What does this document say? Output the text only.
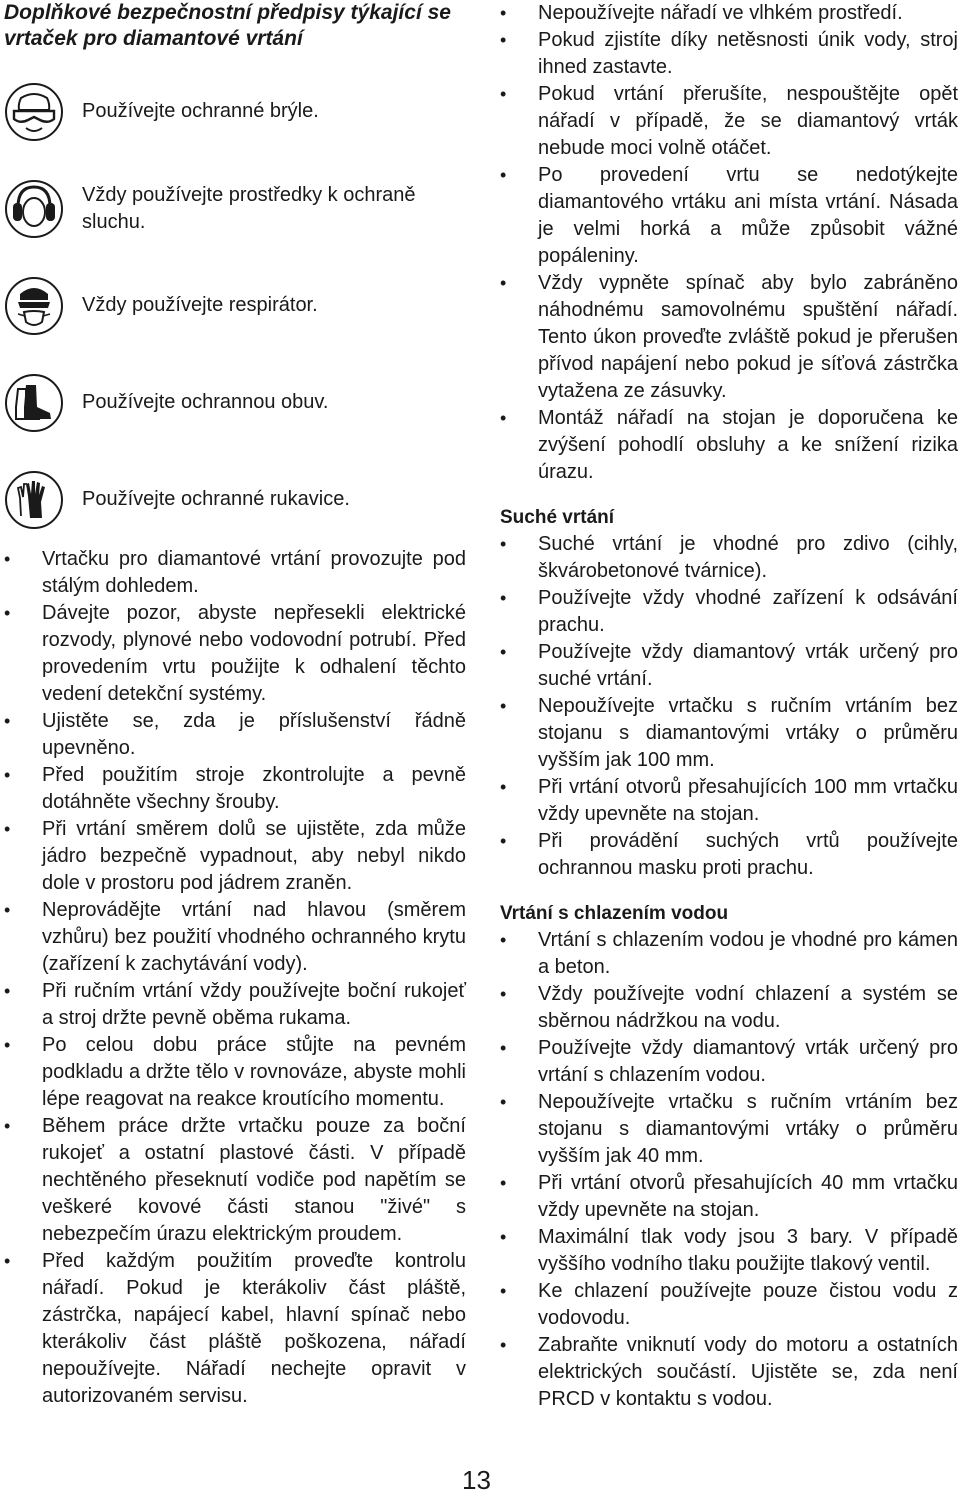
Doplňkové bezpečnostní předpisy týkající se vrtaček pro diamantové vrtání
Používejte ochranné brýle.
Vždy používejte prostředky k ochraně sluchu.
Vždy používejte respirátor.
Používejte ochrannou obuv.
Používejte ochranné rukavice.
• Vrtačku pro diamantové vrtání provozujte pod stálým dohledem.
• Dávejte pozor, abyste nepřesekli elektrické rozvody, plynové nebo vodovodní potrubí. Před provedením vrtu použijte k odhalení těchto vedení detekční systémy.
• Ujistěte se, zda je příslušenství řádně upevněno.
• Před použitím stroje zkontrolujte a pevně dotáhněte všechny šrouby.
• Při vrtání směrem dolů se ujistěte, zda může jádro bezpečně vypadnout, aby nebyl nikdo dole v prostoru pod jádrem zraněn.
• Neprovádějte vrtání nad hlavou (směrem vzhůru) bez použití vhodného ochranného krytu (zařízení k zachytávání vody).
• Při ručním vrtání vždy používejte boční rukojeť a stroj držte pevně oběma rukama.
• Po celou dobu práce stůjte na pevném podkladu a držte tělo v rovnováze, abyste mohli lépe reagovat na reakce kroutícího momentu.
• Během práce držte vrtačku pouze za boční rukojeť a ostatní plastové části. V případě nechtěného přeseknutí vodiče pod napětím se veškeré kovové části stanou "živé" s nebezpečím úrazu elektrickým proudem.
• Před každým použitím proveďte kontrolu nářadí. Pokud je kterákoliv část pláště, zástrčka, napájecí kabel, hlavní spínač nebo kterákoliv část pláště poškozena, nářadí nepoužívejte. Nářadí nechejte opravit v autorizovaném servisu.
• Nepoužívejte nářadí ve vlhkém prostředí.
• Pokud zjistíte díky netěsnosti únik vody, stroj ihned zastavte.
• Pokud vrtání přerušíte, nespouštějte opět nářadí v případě, že se diamantový vrták nebude moci volně otáčet.
• Po provedení vrtu se nedotýkejte diamantového vrtáku ani místa vrtání. Násada je velmi horká a může způsobit vážné popáleniny.
• Vždy vypněte spínač aby bylo zabráněno náhodnému samovolnému spuštění nářadí. Tento úkon proveďte zvláště pokud je přerušen přívod napájení nebo pokud je síťová zástrčka vytažena ze zásuvky.
• Montáž nářadí na stojan je doporučena ke zvýšení pohodlí obsluhy a ke snížení rizika úrazu.
Suché vrtání
• Suché vrtání je vhodné pro zdivo (cihly, škvárobetonové tvárnice).
• Používejte vždy vhodné zařízení k odsávání prachu.
• Používejte vždy diamantový vrták určený pro suché vrtání.
• Nepoužívejte vrtačku s ručním vrtáním bez stojanu s diamantovými vrtáky o průměru vyšším jak 100 mm.
• Při vrtání otvorů přesahujících 100 mm vrtačku vždy upevněte na stojan.
• Při provádění suchých vrtů používejte ochrannou masku proti prachu.
Vrtání s chlazením vodou
• Vrtání s chlazením vodou je vhodné pro kámen a beton.
• Vždy používejte vodní chlazení a systém se sběrnou nádržkou na vodu.
• Používejte vždy diamantový vrták určený pro vrtání s chlazením vodou.
• Nepoužívejte vrtačku s ručním vrtáním bez stojanu s diamantovými vrtáky o průměru vyšším jak 40 mm.
• Při vrtání otvorů přesahujících 40 mm vrtačku vždy upevněte na stojan.
• Maximální tlak vody jsou 3 bary. V případě vyššího vodního tlaku použijte tlakový ventil.
• Ke chlazení používejte pouze čistou vodu z vodovodu.
• Zabraňte vniknutí vody do motoru a ostatních elektrických součástí. Ujistěte se, zda není PRCD v kontaktu s vodou.
13
